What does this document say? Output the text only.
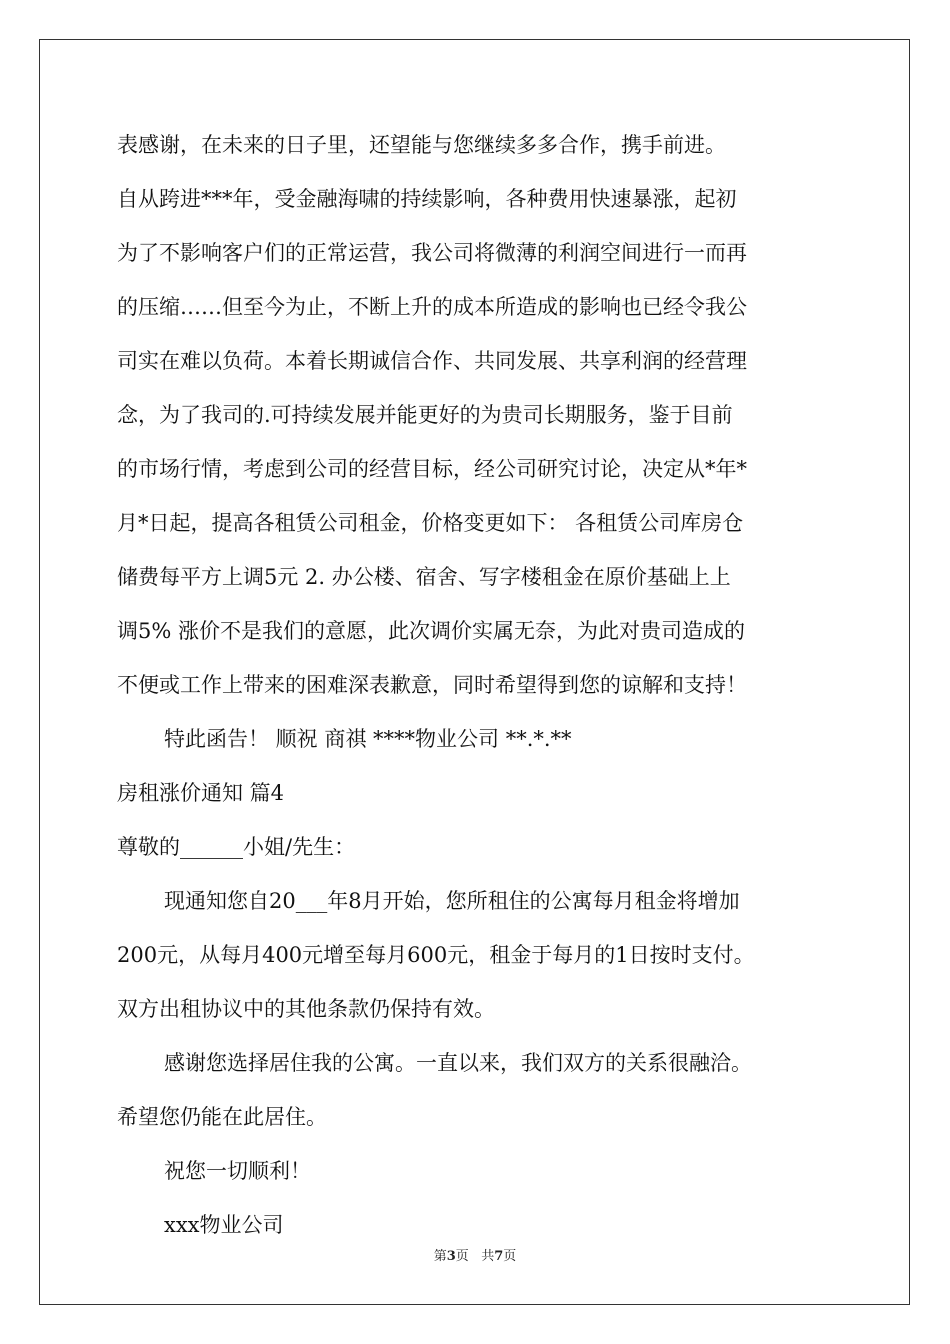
表感谢，在未来的日子里，还望能与您继续多多合作，携手前进。
自从跨进***年，受金融海啸的持续影响，各种费用快速暴涨，起初
为了不影响客户们的正常运营，我公司将微薄的利润空间进行一而再
的压缩……但至今为止，不断上升的成本所造成的影响也已经令我公
司实在难以负荷。本着长期诚信合作、共同发展、共享利润的经营理
念，为了我司的.可持续发展并能更好的为贵司长期服务，鉴于目前
的市场行情，考虑到公司的经营目标，经公司研究讨论，决定从*年*
月*日起，提高各租赁公司租金，价格变更如下： 各租赁公司库房仓
储费每平方上调5元 2. 办公楼、宿舍、写字楼租金在原价基础上上
调5% 涨价不是我们的意愿，此次调价实属无奈，为此对贵司造成的
不便或工作上带来的困难深表歉意，同时希望得到您的谅解和支持！
特此函告！ 顺祝 商祺 ****物业公司 **.*.**
房租涨价通知 篇4
尊敬的______小姐/先生：
现通知您自20___年8月开始，您所租住的公寓每月租金将增加
200元，从每月400元增至每月600元，租金于每月的1日按时支付。
双方出租协议中的其他条款仍保持有效。
感谢您选择居住我的公寓。一直以来，我们双方的关系很融洽。
希望您仍能在此居住。
祝您一切顺利！
xxx物业公司
第3页 共7页
